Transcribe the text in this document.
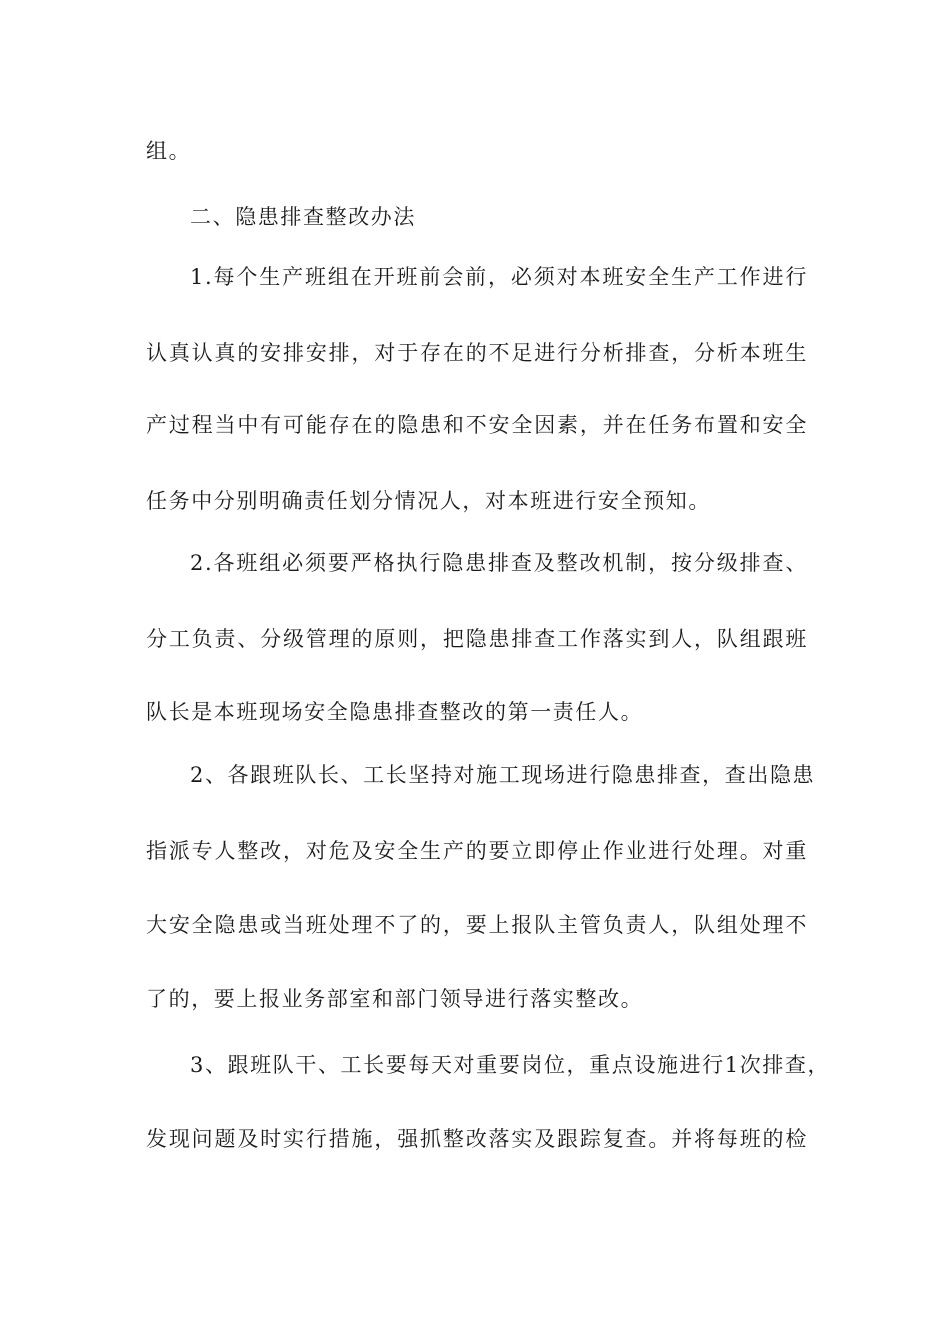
组。
二、隐患排查整改办法
1.每个生产班组在开班前会前，必须对本班安全生产工作进行
认真认真的安排安排，对于存在的不足进行分析排查，分析本班生
产过程当中有可能存在的隐患和不安全因素，并在任务布置和安全
任务中分别明确责任划分情况人，对本班进行安全预知。
2.各班组必须要严格执行隐患排查及整改机制，按分级排查、
分工负责、分级管理的原则，把隐患排查工作落实到人，队组跟班
队长是本班现场安全隐患排查整改的第一责任人。
2、各跟班队长、工长坚持对施工现场进行隐患排查，查出隐患
指派专人整改，对危及安全生产的要立即停止作业进行处理。对重
大安全隐患或当班处理不了的，要上报队主管负责人，队组处理不
了的，要上报业务部室和部门领导进行落实整改。
3、跟班队干、工长要每天对重要岗位，重点设施进行1次排查，
发现问题及时实行措施，强抓整改落实及跟踪复查。并将每班的检
